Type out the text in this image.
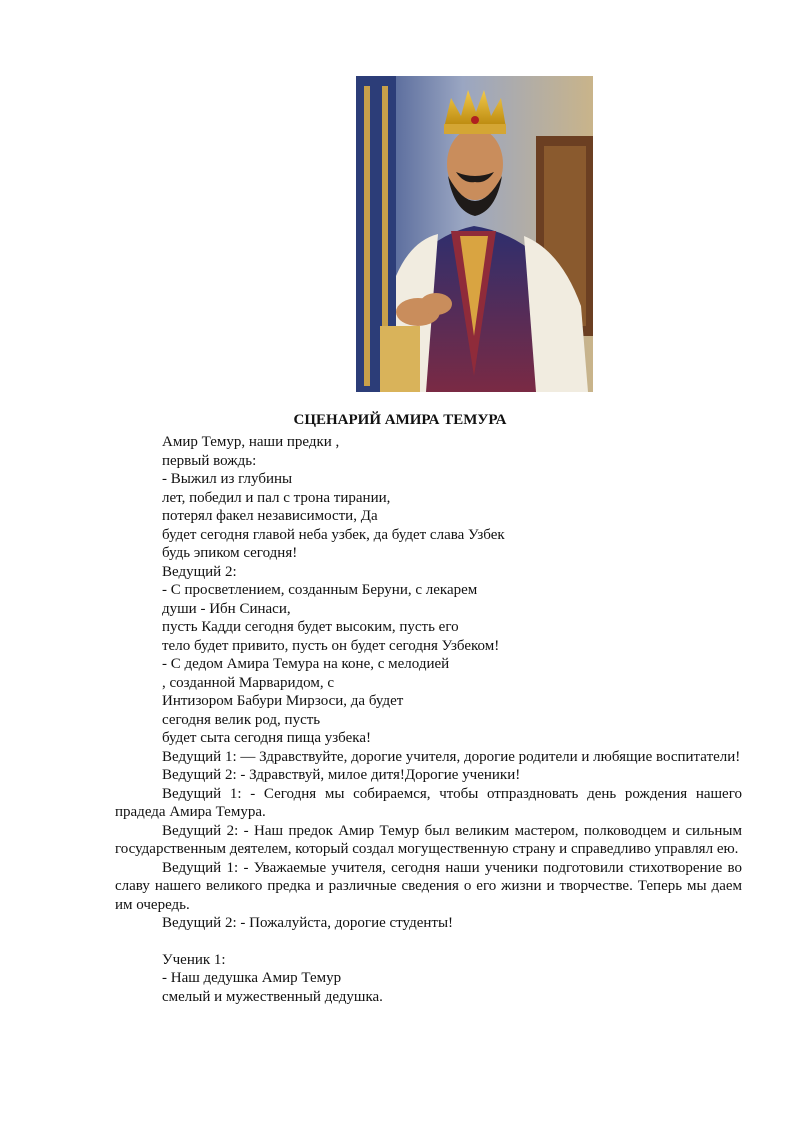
СЦЕНАРИЙ АМИРА ТЕМУРА

Амир Темур, наши предки ,

первый вождь:

- Выжил из глубины

лет, победил и пал с трона тирании,

потерял факел независимости, Да

будет сегодня главой неба узбек, да будет слава Узбек

будь эпиком сегодня!

Ведущий 2:

- С просветлением, созданным Беруни, с лекарем

души - Ибн Синаси,

пусть Кадди сегодня будет высоким, пусть его

тело будет привито, пусть он будет сегодня Узбеком!

- С дедом Амира Темура на коне, с мелодией

, созданной Марваридом, с

Интизором Бабури Мирзоси, да будет

сегодня велик род, пусть

будет сыта сегодня пища узбека!

Ведущий 1: — Здравствуйте, дорогие учителя, дорогие родители и любящие воспитатели!

Ведущий 2: - Здравствуй, милое дитя!Дорогие ученики!

Ведущий 1: - Сегодня мы собираемся, чтобы отпраздновать день рождения нашего прадеда Амира Темура.

Ведущий 2: - Наш предок Амир Темур был великим мастером, полководцем и сильным государственным деятелем, который создал могущественную страну и справедливо управлял ею.

Ведущий 1: - Уважаемые учителя, сегодня наши ученики подготовили стихотворение во славу нашего великого предка и различные сведения о его жизни и творчестве. Теперь мы даем им очередь.

Ведущий 2: - Пожалуйста, дорогие студенты!

Ученик 1:

- Наш дедушка Амир Темур

смелый и мужественный дедушка.
